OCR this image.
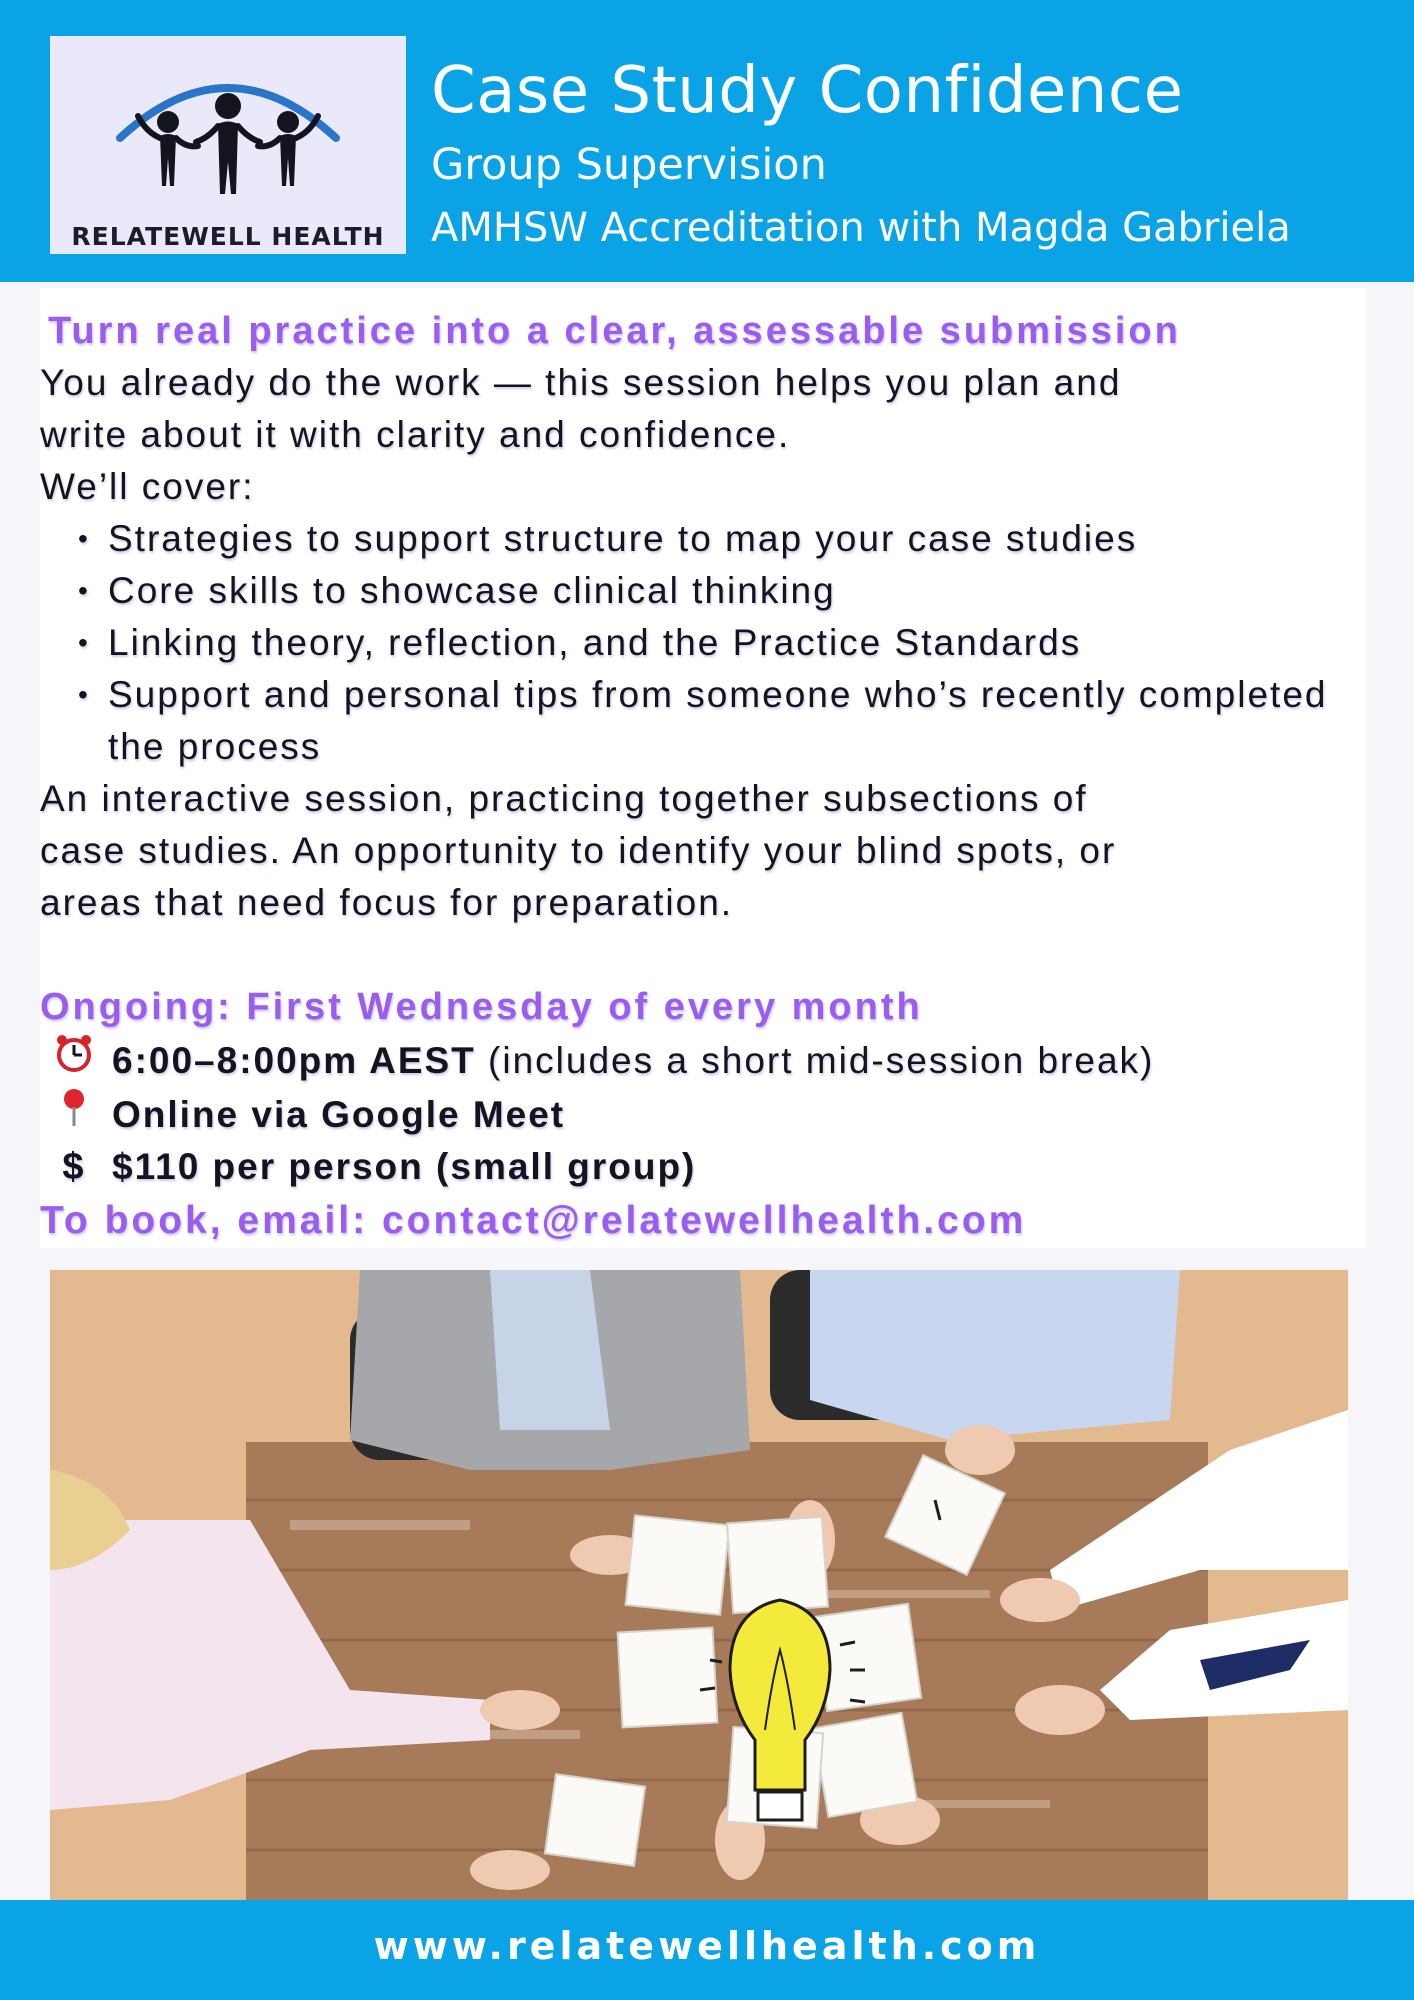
RELATEWELL HEALTH
Case Study Confidence
Group Supervision
AMHSW Accreditation with Magda Gabriela
Turn real practice into a clear, assessable submission
You already do the work — this session helps you plan and
write about it with clarity and confidence.
We’ll cover:
• Strategies to support structure to map your case studies
• Core skills to showcase clinical thinking
• Linking theory, reflection, and the Practice Standards
• Support and personal tips from someone who’s recently completed the process
An interactive session, practicing together subsections of
case studies. An opportunity to identify your blind spots, or
areas that need focus for preparation.
Ongoing: First Wednesday of every month
6:00–8:00pm AEST (includes a short mid-session break)
Online via Google Meet
$ $110 per person (small group)
To book, email: contact@relatewellhealth.com
www.relatewellhealth.com
